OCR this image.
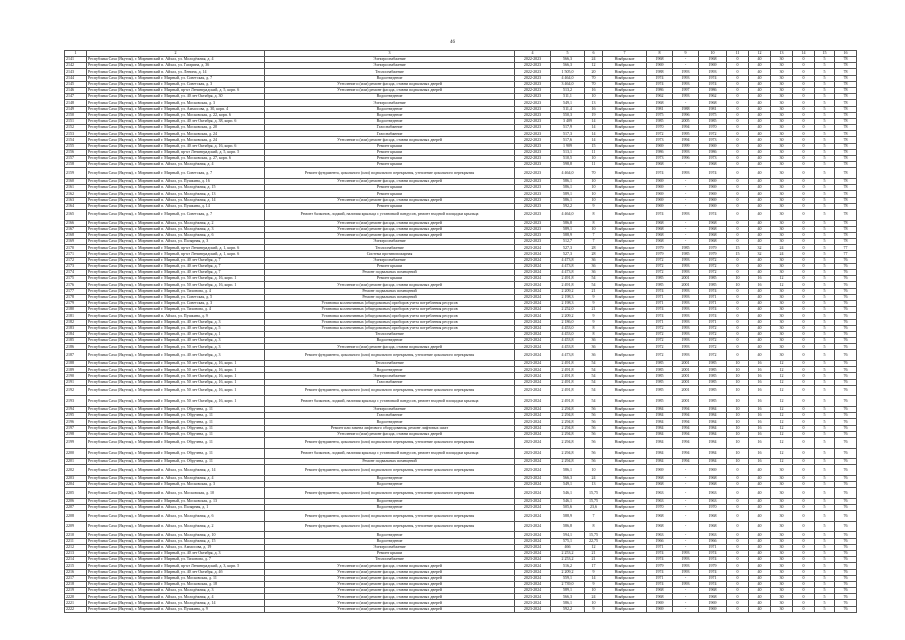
46
1	2	3	4	5	6	7	8	9	10	11	12	13	14	15	16
2141	Республика Саха (Якутия), г. Мирнинский п. Айхал, ул. Молодёжная, д. 4	Электроснабжение	2022-2023	566,3	24	Ноябрьское	1968	-	1968	0	40	30	0	5	78
2142	Республика Саха (Якутия), г. Мирнинский п. Айхал, ул. Гагарина, д. 36	Электроснабжение	2022-2023	566,3	12	Ноябрьское	1969	-	1969	0	40	30	0	5	78
2143	Республика Саха (Якутия), г. Мирнинский п. Айхал, ул. Ленина, д. 14	Теплоснабжение	2022-2023	1 505,0	20	Ноябрьское	1988	1993	1993	0	40	30	0	5	78
2144	Республика Саха (Якутия), г. Мирнинский г. Мирный, ул. Советская, д. 7	Водоотведение	2022-2023	4 464,0	70	Ноябрьское	1974	1993	1974	0	40	30	0	5	78
2145	Республика Саха (Якутия), г. Мирнинский г. Мирный, ул. Советская, д. 3	Утепление и (или) ремонт фасада, ставни подвальных дверей	2022-2023	3 464,0	70	Ноябрьское	1974	1993	1974	0	40	30	0	5	78
2146	Республика Саха (Якутия), г. Мирнинский г. Мирный, пр-кт Ленинградский, д. 5, корп. 6	Утепление и (или) ремонт фасада, ставни подвальных дверей	2022-2023	513,2	16	Ноябрьское	1986	1997	1986	0	40	30	0	5	78
2147	Республика Саха (Якутия), г. Мирнинский г. Мирный, ул. 40 лет Октября, д. 30	Водоотведение	2022-2023	511,1	10	Ноябрьское	1962	1993	1962	0	40	30	0	5	78
2148	Республика Саха (Якутия), г. Мирнинский г. Мирный, ул. Московская, д. 3	Электроснабжение	2022-2023	549,1	13	Ноябрьское	1968	-	1968	0	40	30	0	5	78
2149	Республика Саха (Якутия), г. Мирнинский г. Мирный, ул. Аммосова, д. 30, корп. 4	Водоотведение	2022-2023	511,4	16	Ноябрьское	1981	1988	1981	0	40	30	0	5	78
2150	Республика Саха (Якутия), г. Мирнинский г. Мирный, ул. Московская, д. 22, корп. 6	Водоотведение	2022-2023	550,3	19	Ноябрьское	1975	1996	1975	0	40	30	0	5	78
2151	Республика Саха (Якутия), г. Мирнинский г. Мирный, ул. 40 лет Октября, д. 38, корп. 6	Водоотведение	2022-2023	3 409	14	Ноябрьское	1985	2005	1985	0	40	30	0	5	78
2152	Республика Саха (Якутия), г. Мирнинский г. Мирный, ул. Московская, д. 20	Газоснабжение	2022-2023	517,9	14	Ноябрьское	1970	1994	1970	0	40	30	0	5	78
2153	Республика Саха (Якутия), г. Мирнинский г. Мирный, ул. Московская, д. 24	Газоснабжение	2022-2023	517,3	14	Ноябрьское	1972	1995	1972	0	40	30	0	5	78
2154	Республика Саха (Якутия), г. Мирнинский г. Мирный, ул. Московская, д. 24	Утепление и (или) ремонт фасада, ставни подвальных дверей	2022-2023	517,6	14	Ноябрьское	1973	1994	1973	0	40	30	0	5	78
2155	Республика Саха (Якутия), г. Мирнинский г. Мирный, ул. 40 лет Октября, д. 16, корп. 6	Ремонт крыши	2022-2023	1 909	15	Ноябрьское	1969	1999	1969	0	40	30	0	5	78
2156	Республика Саха (Якутия), г. Мирнинский г. Мирный, пр-кт Ленинградский, д. 5, корп. 5	Ремонт крыши	2022-2023	513,1	11	Ноябрьское	1986	1993	1986	0	40	30	0	5	78
2157	Республика Саха (Якутия), г. Мирнинский г. Мирный, ул. Московская, д. 27, корп. 6	Ремонт крыши	2022-2023	510,5	10	Ноябрьское	1973	1996	1973	0	40	30	0	5	78
2158	Республика Саха (Якутия), г. Мирнинский п. Айхал, ул. Молодёжная, д. 4	Ремонт крыши	2022-2023	598,8	11	Ноябрьское	1968	-	1968	0	40	30	0	5	78
2159	Республика Саха (Якутия), г. Мирнинский г. Мирный, ул. Советская, д. 7	Ремонт фундамента, цокольного (или) подвального перекрытия, утепление цокольного перекрытия	2022-2023	4 464,0	70	Ноябрьское	1974	1993	1974	0	40	30	0	5	78
2160	Республика Саха (Якутия), г. Мирнинский п. Айхал, ул. Пушкина, д. 16	Утепление и (или) ремонт фасада, ставни подвальных дверей	2022-2023	586,1	10	Ноябрьское	1969	-	1969	0	40	30	0	5	78
2161	Республика Саха (Якутия), г. Мирнинский п. Айхал, ул. Молодёжная, д. 15	Ремонт крыши	2022-2023	586,1	10	Ноябрьское	1969	-	1969	0	40	30	0	5	78
2162	Республика Саха (Якутия), г. Мирнинский п. Айхал, ул. Молодёжная, д. 13	Ремонт крыши	2022-2023	589,1	10	Ноябрьское	1969	-	1969	0	40	30	0	5	78
2163	Республика Саха (Якутия), г. Мирнинский п. Айхал, ул. Молодёжная, д. 14	Утепление и (или) ремонт фасада, ставни подвальных дверей	2022-2023	586,1	10	Ноябрьское	1969	-	1969	0	40	30	0	5	78
2164	Республика Саха (Якутия), г. Мирнинский п. Айхал, ул. Пушкина, д. 14	Ремонт крыши	2022-2023	592,2	9	Ноябрьское	1969	-	1969	0	40	30	0	5	78
2165	Республика Саха (Якутия), г. Мирнинский г. Мирный, ул. Советская, д. 7	Ремонт балконов, лоджий, наличия крыльца с установкой пандусов, ремонт входной площадки крыльца	2022-2023	4 464,0	8	Ноябрьское	1974	1993	1974	0	40	30	0	5	78
2166	Республика Саха (Якутия), г. Мирнинский п. Айхал, ул. Молодёжная, д. 2	Утепление и (или) ремонт фасада, ставни подвальных дверей	2022-2023	586,8	8	Ноябрьское	1968	-	1968	0	40	30	0	5	78
2167	Республика Саха (Якутия), г. Мирнинский п. Айхал, ул. Молодёжная, д. 3	Утепление и (или) ремонт фасада, ставни подвальных дверей	2022-2023	589,1	10	Ноябрьское	1968	-	1968	0	40	30	0	5	78
2168	Республика Саха (Якутия), г. Мирнинский п. Айхал, ул. Молодёжная, д. 6	Утепление и (или) ремонт фасада, ставни подвальных дверей	2022-2023	588,9	7	Ноябрьское	1968	-	1968	0	40	30	0	5	78
2169	Республика Саха (Якутия), г. Мирнинский п. Айхал, ул. Полярная, д. 3	Электроснабжение	2022-2023	512,7	7	Ноябрьское	1968	-	1968	0	40	30	0	5	78
2170	Республика Саха (Якутия), г. Мирнинский г. Мирный, пр-кт Ленинградский, д. 1, корп. 6	Теплоснабжение	2023-2024	527,3	28	Ноябрьское	1979	1985	1979	15	32	24	0	5	77
2171	Республика Саха (Якутия), г. Мирнинский г. Мирный, пр-кт Ленинградский, д. 1, корп. 6	Система противопожарная	2023-2024	527,3	28	Ноябрьское	1979	1985	1979	15	32	24	0	5	77
2172	Республика Саха (Якутия), г. Мирнинский г. Мирный, ул. 40 лет Октября, д. 7	Электроснабжение	2023-2024	4 473,8	36	Ноябрьское	1972	1993	1972	0	40	30	0	5	76
2173	Республика Саха (Якутия), г. Мирнинский г. Мирный, ул. 40 лет Октября, д. 7	Ремонт крыши	2023-2024	4 473,8	36	Ноябрьское	1972	1993	1972	0	40	30	0	5	76
2174	Республика Саха (Якутия), г. Мирнинский г. Мирный, ул. 40 лет Октября, д. 7	Ремонт подвальных помещений	2023-2024	4 473,8	36	Ноябрьское	1972	1993	1972	0	40	30	0	5	76
2175	Республика Саха (Якутия), г. Мирнинский г. Мирный, ул. 50 лет Октября, д. 16, корп. 1	Ремонт крыши	2023-2024	2 491,8	54	Ноябрьское	1985	2001	1985	10	16	12	0	5	76
2176	Республика Саха (Якутия), г. Мирнинский г. Мирный, ул. 50 лет Октября, д. 16, корп. 1	Утепление и (или) ремонт фасада, ставни подвальных дверей	2023-2024	2 491,8	54	Ноябрьское	1985	2001	1985	10	16	12	0	5	76
2177	Республика Саха (Якутия), г. Мирнинский г. Мирный, ул. Тихонова, д. 4	Ремонт подвальных помещений	2023-2024	2 209,2	21	Ноябрьское	1974	1993	1974	0	40	30	0	5	76
2178	Республика Саха (Якутия), г. Мирнинский г. Мирный, ул. Советская, д. 5	Ремонт подвальных помещений	2023-2024	2 198,3	9	Ноябрьское	1971	1993	1971	0	40	30	0	5	76
2179	Республика Саха (Якутия), г. Мирнинский г. Мирный, ул. Советская, д. 3	Установка коллективных (общедомовых) приборов учета потребления ресурсов	2023-2024	2 198,3	9	Ноябрьское	1971	1993	1971	0	40	30	0	5	76
2180	Республика Саха (Якутия), г. Мирнинский г. Мирный, ул. Тихонова, д. 4	Установка коллективных (общедомовых) приборов учета потребления ресурсов	2023-2024	2 252,0	21	Ноябрьское	1974	1993	1974	0	40	30	0	5	76
2181	Республика Саха (Якутия), г. Мирнинский п. Айхал, ул. Пушкина, д. 9	Установка коллективных (общедомовых) приборов учета потребления ресурсов	2023-2024	2 209,2	9	Ноябрьское	1974	1993	1974	0	40	30	0	5	76
2182	Республика Саха (Якутия), г. Мирнинский г. Мирный, ул. 40 лет Октября, д. 3	Установка коллективных (общедомовых) приборов учета потребления ресурсов	2023-2024	2 186,0	9	Ноябрьское	1971	1993	1971	0	40	30	0	5	76
2183	Республика Саха (Якутия), г. Мирнинский г. Мирный, ул. 40 лет Октября, д. 5	Установка коллективных (общедомовых) приборов учета потребления ресурсов	2023-2024	4 453,0	8	Ноябрьское	1972	1993	1972	0	40	30	0	5	76
2184	Республика Саха (Якутия), г. Мирнинский г. Мирный, ул. 40 лет Октября, д. 1	Теплоснабжение	2023-2024	4 453,0	8	Ноябрьское	1972	1993	1972	0	40	30	0	5	76
2185	Республика Саха (Якутия), г. Мирнинский г. Мирный, ул. 40 лет Октября, д. 3	Водоотведение	2023-2024	4 453,8	36	Ноябрьское	1972	1993	1972	0	40	30	0	5	76
2186	Республика Саха (Якутия), г. Мирнинский г. Мирный, ул. 50 лет Октября, д. 3	Утепление и (или) ремонт фасада, ставни подвальных дверей	2023-2024	4 453,8	36	Ноябрьское	1972	1993	1972	0	40	30	0	5	76
2187	Республика Саха (Якутия), г. Мирнинский г. Мирный, ул. 40 лет Октября, д. 3	Ремонт фундамента, цокольного (или) подвального перекрытия, утепление цокольного перекрытия	2023-2024	4 473,8	36	Ноябрьское	1972	1993	1972	0	40	30	0	5	76
2188	Республика Саха (Якутия), г. Мирнинский г. Мирный, ул. 50 лет Октября, д. 16, корп. 1	Теплоснабжение	2023-2024	2 491,8	54	Ноябрьское	1985	2001	1985	10	16	12	0	5	76
2189	Республика Саха (Якутия), г. Мирнинский г. Мирный, ул. 50 лет Октября, д. 16, корп. 1	Водоотведение	2023-2024	2 491,8	54	Ноябрьское	1985	2001	1985	10	16	12	0	5	76
2190	Республика Саха (Якутия), г. Мирнинский г. Мирный, ул. 50 лет Октября, д. 16, корп. 1	Электроснабжение	2023-2024	2 491,8	54	Ноябрьское	1985	2001	1985	10	16	12	0	5	76
2191	Республика Саха (Якутия), г. Мирнинский г. Мирный, ул. 50 лет Октября, д. 16, корп. 1	Газоснабжение	2023-2024	2 491,8	54	Ноябрьское	1985	2001	1985	10	16	12	0	5	76
2192	Республика Саха (Якутия), г. Мирнинский г. Мирный, ул. 50 лет Октября, д. 16, корп. 1	Ремонт фундамента, цокольного (или) подвального перекрытия, утепление цокольного перекрытия	2023-2024	2 491,8	54	Ноябрьское	1985	2001	1985	10	16	12	0	5	76
2193	Республика Саха (Якутия), г. Мирнинский г. Мирный, ул. 50 лет Октября, д. 16, корп. 1	Ремонт балконов, лоджий, наличия крыльца с установкой пандусов, ремонт входной площадки крыльца	2023-2024	2 491,8	54	Ноябрьское	1985	2001	1985	10	16	12	0	5	76
2194	Республика Саха (Якутия), г. Мирнинский г. Мирный, ул. Обручева, д. 11	Электроснабжение	2023-2024	2 294,8	56	Ноябрьское	1984	1994	1984	10	16	12	0	5	76
2195	Республика Саха (Якутия), г. Мирнинский г. Мирный, ул. Обручева, д. 11	Газоснабжение	2023-2024	2 294,8	56	Ноябрьское	1984	1994	1984	10	16	12	0	5	76
2196	Республика Саха (Якутия), г. Мирнинский г. Мирный, ул. Обручева, д. 11	Водоотведение	2023-2024	2 294,8	56	Ноябрьское	1984	1994	1984	10	16	12	0	5	76
2197	Республика Саха (Якутия), г. Мирнинский г. Мирный, ул. Обручева, д. 11	Ремонт или замена лифтового оборудования, ремонт лифтовых шахт	2023-2024	2 294,8	56	Ноябрьское	1984	1994	1984	10	16	12	0	5	76
2198	Республика Саха (Якутия), г. Мирнинский г. Мирный, ул. Обручева, д. 11	Утепление и (или) ремонт фасада, ставни подвальных дверей	2023-2024	2 294,8	56	Ноябрьское	1984	1994	1984	10	16	12	0	5	76
2199	Республика Саха (Якутия), г. Мирнинский г. Мирный, ул. Обручева, д. 11	Ремонт фундамента, цокольного (или) подвального перекрытия, утепление цокольного перекрытия	2023-2024	2 294,8	56	Ноябрьское	1984	1994	1984	10	16	12	0	5	76
2200	Республика Саха (Якутия), г. Мирнинский г. Мирный, ул. Обручева, д. 11	Ремонт балконов, лоджий, наличия крыльца с установкой пандусов, ремонт входной площадки крыльца	2023-2024	2 294,8	56	Ноябрьское	1984	1994	1984	10	16	12	0	5	76
2201	Республика Саха (Якутия), г. Мирнинский г. Мирный, ул. Обручева, д. 11	Ремонт подвальных помещений	2023-2024	2 294,8	56	Ноябрьское	1984	1994	1984	10	16	12	0	5	76
2202	Республика Саха (Якутия), г. Мирнинский п. Айхал, ул. Молодёжная, д. 14	Ремонт фундамента, цокольного (или) подвального перекрытия, утепление цокольного перекрытия	2023-2024	586,1	10	Ноябрьское	1969	-	1969	0	40	30	0	5	76
2203	Республика Саха (Якутия), г. Мирнинский п. Айхал, ул. Молодёжная, д. 4	Водоотведение	2023-2024	566,3	24	Ноябрьское	1968	-	1968	0	40	30	0	5	76
2204	Республика Саха (Якутия), г. Мирнинский г. Мирный, ул. Московская, д. 3	Водоотведение	2023-2024	549,1	13	Ноябрьское	1968	-	1968	0	40	30	0	5	76
2205	Республика Саха (Якутия), г. Мирнинский п. Айхал, ул. Московская, д. 10	Ремонт фундамента, цокольного (или) подвального перекрытия, утепление цокольного перекрытия	2023-2024	546,1	15,75	Ноябрьское	1963	-	1963	0	40	30	0	5	76
2206	Республика Саха (Якутия), г. Мирнинский г. Мирный, ул. Московская, д. 13	Водоотведение	2023-2024	546,1	15,75	Ноябрьское	1963	-	1963	0	40	30	0	5	76
2207	Республика Саха (Якутия), г. Мирнинский п. Айхал, ул. Полярная, д. 1	Водоотведение	2023-2024	505,6	23,6	Ноябрьское	1970	-	1970	0	40	30	0	5	76
2208	Республика Саха (Якутия), г. Мирнинский п. Айхал, ул. Молодёжная, д. 6	Ремонт фундамента, цокольного (или) подвального перекрытия, утепление цокольного перекрытия	2023-2024	588,9	7	Ноябрьское	1968	-	1968	0	40	30	0	5	76
2209	Республика Саха (Якутия), г. Мирнинский п. Айхал, ул. Молодёжная, д. 2	Ремонт фундамента, цокольного (или) подвального перекрытия, утепление цокольного перекрытия	2023-2024	586,8	8	Ноябрьское	1968	-	1968	0	40	30	0	5	76
2210	Республика Саха (Якутия), г. Мирнинский п. Айхал, ул. Молодёжная, д. 10	Водоотведение	2023-2024	594,1	15,75	Ноябрьское	1963	-	1963	0	40	30	0	5	76
2211	Республика Саха (Якутия), г. Мирнинский п. Айхал, ул. Молодёжная, д. 15	Водоотведение	2023-2024	575,1	22,75	Ноябрьское	1966	-	1966	0	40	30	0	5	76
2212	Республика Саха (Якутия), г. Мирнинский п. Айхал, ул. Аммосова, д. 19	Электроснабжение	2023-2024	466	12	Ноябрьское	1971	-	1971	0	40	30	0	5	76
2213	Республика Саха (Якутия), г. Мирнинский г. Мирный, ул. 40 лет Октября, д. 3	Ремонт крыши	2023-2024	2 253,2	21	Ноябрьское	1974	1993	1974	0	40	30	0	5	76
2214	Республика Саха (Якутия), г. Мирнинский г. Мирный, ул. Тихонова, д. 7	Теплоснабжение	2023-2024	2 253,2	21	Ноябрьское	1974	1993	1974	0	40	30	0	5	76
2215	Республика Саха (Якутия), г. Мирнинский г. Мирный, пр-кт Ленинградский, д. 3, корп. 5	Утепление и (или) ремонт фасада, ставни подвальных дверей	2023-2024	516,2	17	Ноябрьское	1979	1993	1979	0	40	30	0	5	76
2216	Республика Саха (Якутия), г. Мирнинский г. Мирный, ул. 40 лет Октября, д. 4б	Утепление и (или) ремонт фасада, ставни подвальных дверей	2023-2024	2 209,2	9	Ноябрьское	1974	1993	1974	0	40	30	0	5	76
2217	Республика Саха (Якутия), г. Мирнинский г. Мирный, ул. Московская, д. 11	Утепление и (или) ремонт фасада, ставни подвальных дверей	2023-2024	559,1	14	Ноябрьское	1971	-	1971	0	40	30	0	5	76
2218	Республика Саха (Якутия), г. Мирнинский г. Мирный, ул. Московская, д. 18	Утепление и (или) ремонт фасада, ставни подвальных дверей	2023-2024	2 739,0	9	Ноябрьское	1974	1993	1974	0	40	30	0	5	76
2219	Республика Саха (Якутия), г. Мирнинский п. Айхал, ул. Молодёжная, д. 3	Утепление и (или) ремонт фасада, ставни подвальных дверей	2023-2024	589,1	10	Ноябрьское	1968	-	1968	0	40	30	0	5	76
2220	Республика Саха (Якутия), г. Мирнинский п. Айхал, ул. Молодёжная, д. 4	Утепление и (или) ремонт фасада, ставни подвальных дверей	2023-2024	566,3	24	Ноябрьское	1968	-	1968	0	40	30	0	5	76
2221	Республика Саха (Якутия), г. Мирнинский п. Айхал, ул. Молодёжная, д. 14	Утепление и (или) ремонт фасада, ставни подвальных дверей	2023-2024	586,1	10	Ноябрьское	1969	-	1969	0	40	30	0	5	76
2222	Республика Саха (Якутия), г. Мирнинский п. Айхал, ул. Пушкина, д. 9	Утепление и (или) ремонт фасада, ставни подвальных дверей	2023-2024	592,2	9	Ноябрьское	1969	-	1969	0	40	30	0	5	76
